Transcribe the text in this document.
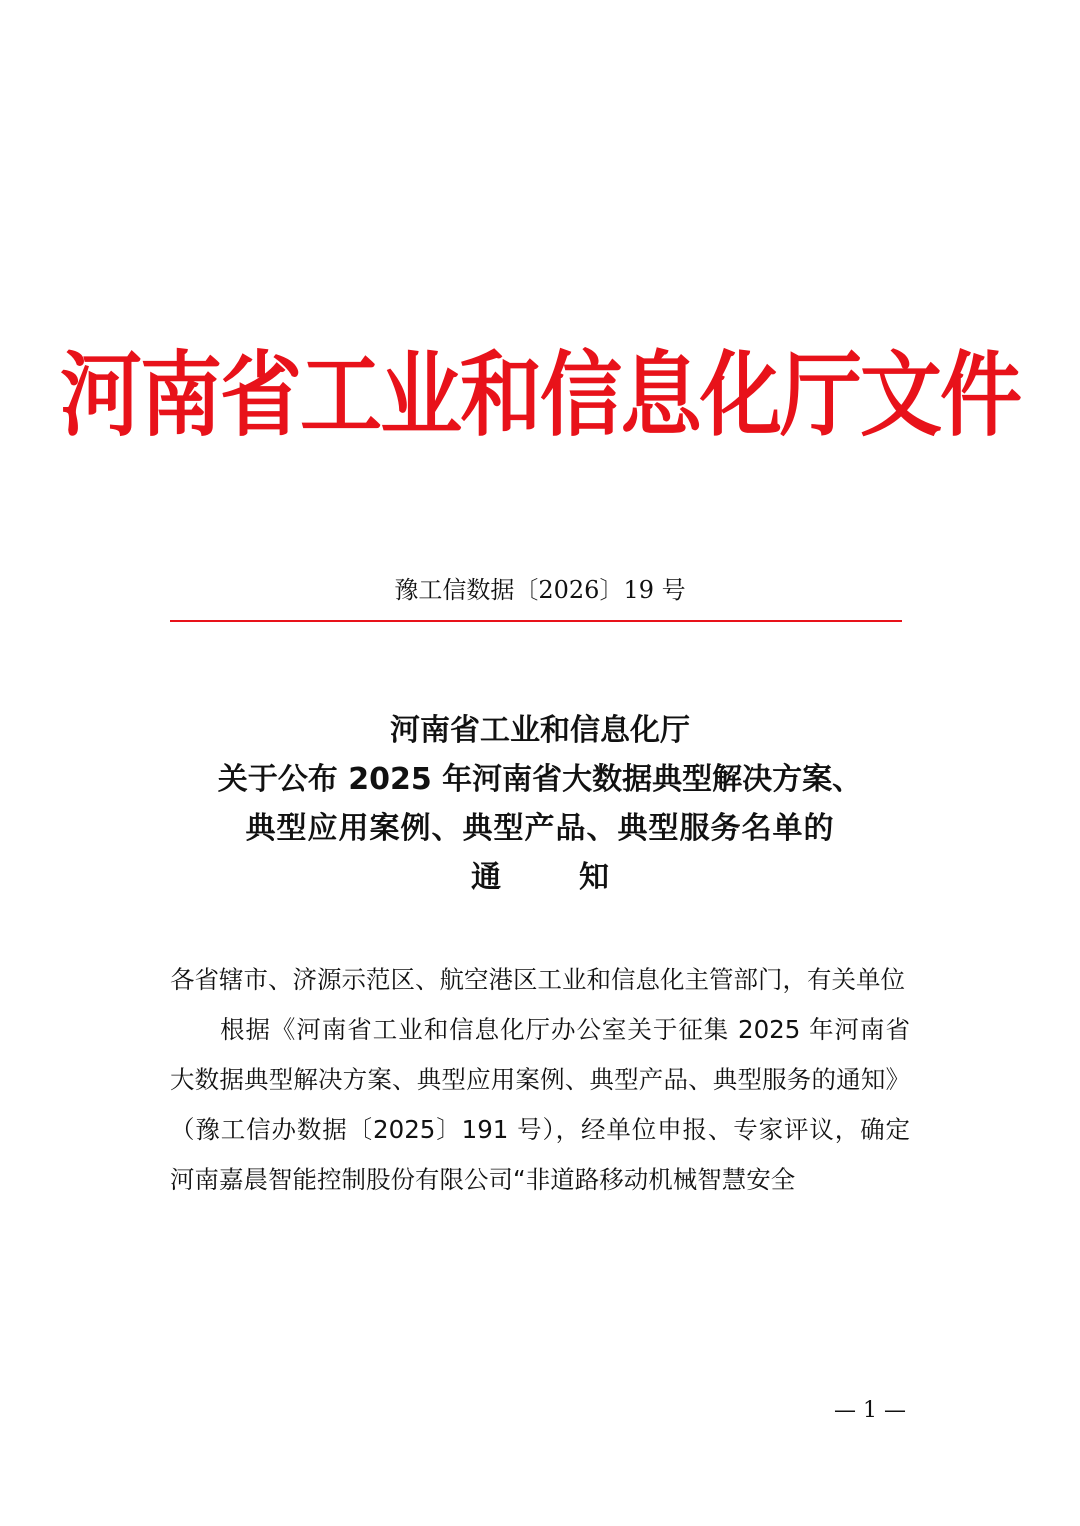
河南省工业和信息化厅文件
豫工信数据〔2026〕19 号
河南省工业和信息化厅
关于公布 2025 年河南省大数据典型解决方案、
典型应用案例、典型产品、典型服务名单的
通	知

各省辖市、济源示范区、航空港区工业和信息化主管部门，有关单位

根据《河南省工业和信息化厅办公室关于征集 2025 年河南省大数据典型解决方案、典型应用案例、典型产品、典型服务的通知》（豫工信办数据〔2025〕191 号），经单位申报、专家评议，确定河南嘉晨智能控制股份有限公司“非道路移动机械智慧安全

— 1 —
